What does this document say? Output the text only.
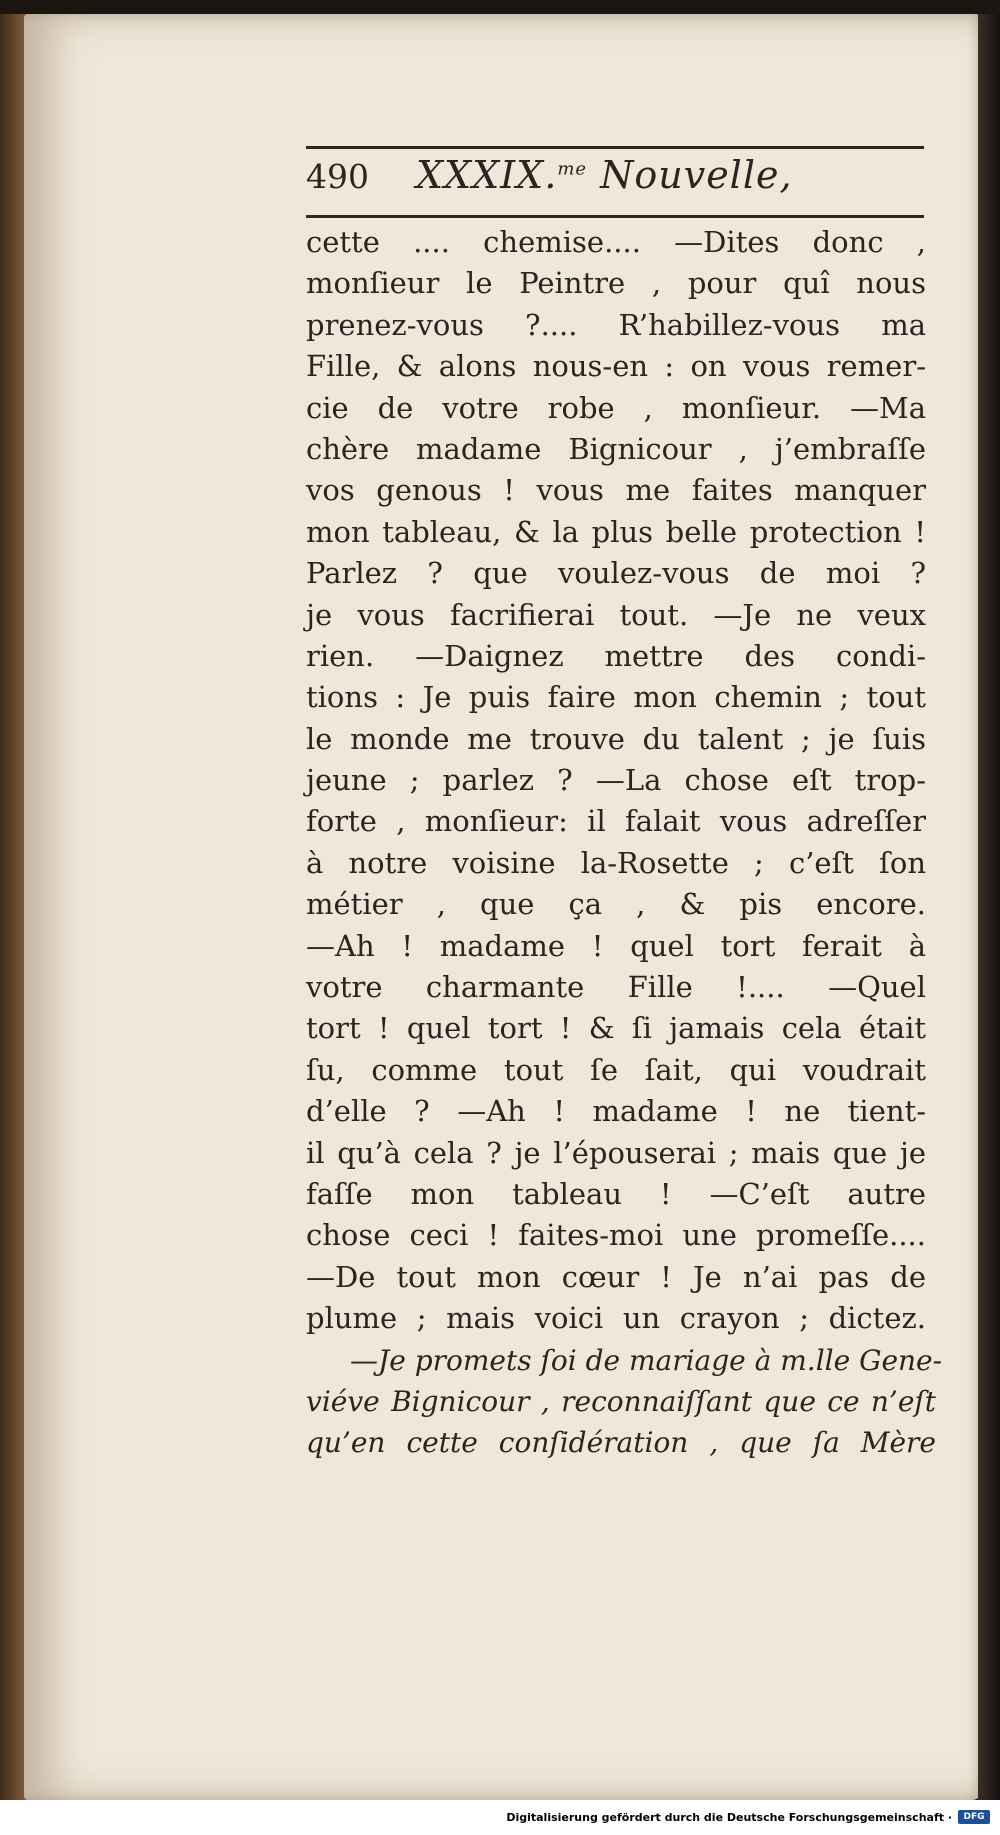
490	XXXIX.$^{me}$ Nouvelle,
cette .... chemise.... —Dites donc ,
monſieur le Peintre , pour quî nous
prenez-vous ?.... R’habillez-vous ma
Fille, & alons nous-en : on vous remer-
cie de votre robe , monſieur. —Ma
chère madame Bignicour , j’embraſſe
vos genous ! vous me faites manquer
mon tableau, & la plus belle protection !
Parlez ? que voulez-vous de moi ?
je vous facrifierai tout. —Je ne veux
rien. —Daignez mettre des condi-
tions : Je puis faire mon chemin ; tout
le monde me trouve du talent ; je ſuis
jeune ; parlez ? —La chose eſt trop-
forte , monſieur: il falait vous adreſſer
à notre voisine la-Rosette ; c’eſt ſon
métier , que ça , & pis encore.
—Ah ! madame ! quel tort ferait à
votre charmante Fille !.... —Quel
tort ! quel tort ! & ſi jamais cela était
ſu, comme tout ſe ſait, qui voudrait
d’elle ? —Ah ! madame ! ne tient-
il qu’à cela ? je l’épouserai ; mais que je
faſſe mon tableau ! —C’eſt autre
chose ceci ! faites-moi une promeſſe....
—De tout mon cœur ! Je n’ai pas de
plume ; mais voici un crayon ; dictez.
—Je promets ſoi de mariage à m.lle Gene-
viéve Bignicour , reconnaiſſant que ce n’eſt
qu’en cette conſidération , que ſa Mère
Digitalisierung gefördert durch die Deutsche Forschungsgemeinschaft ·	DFG
